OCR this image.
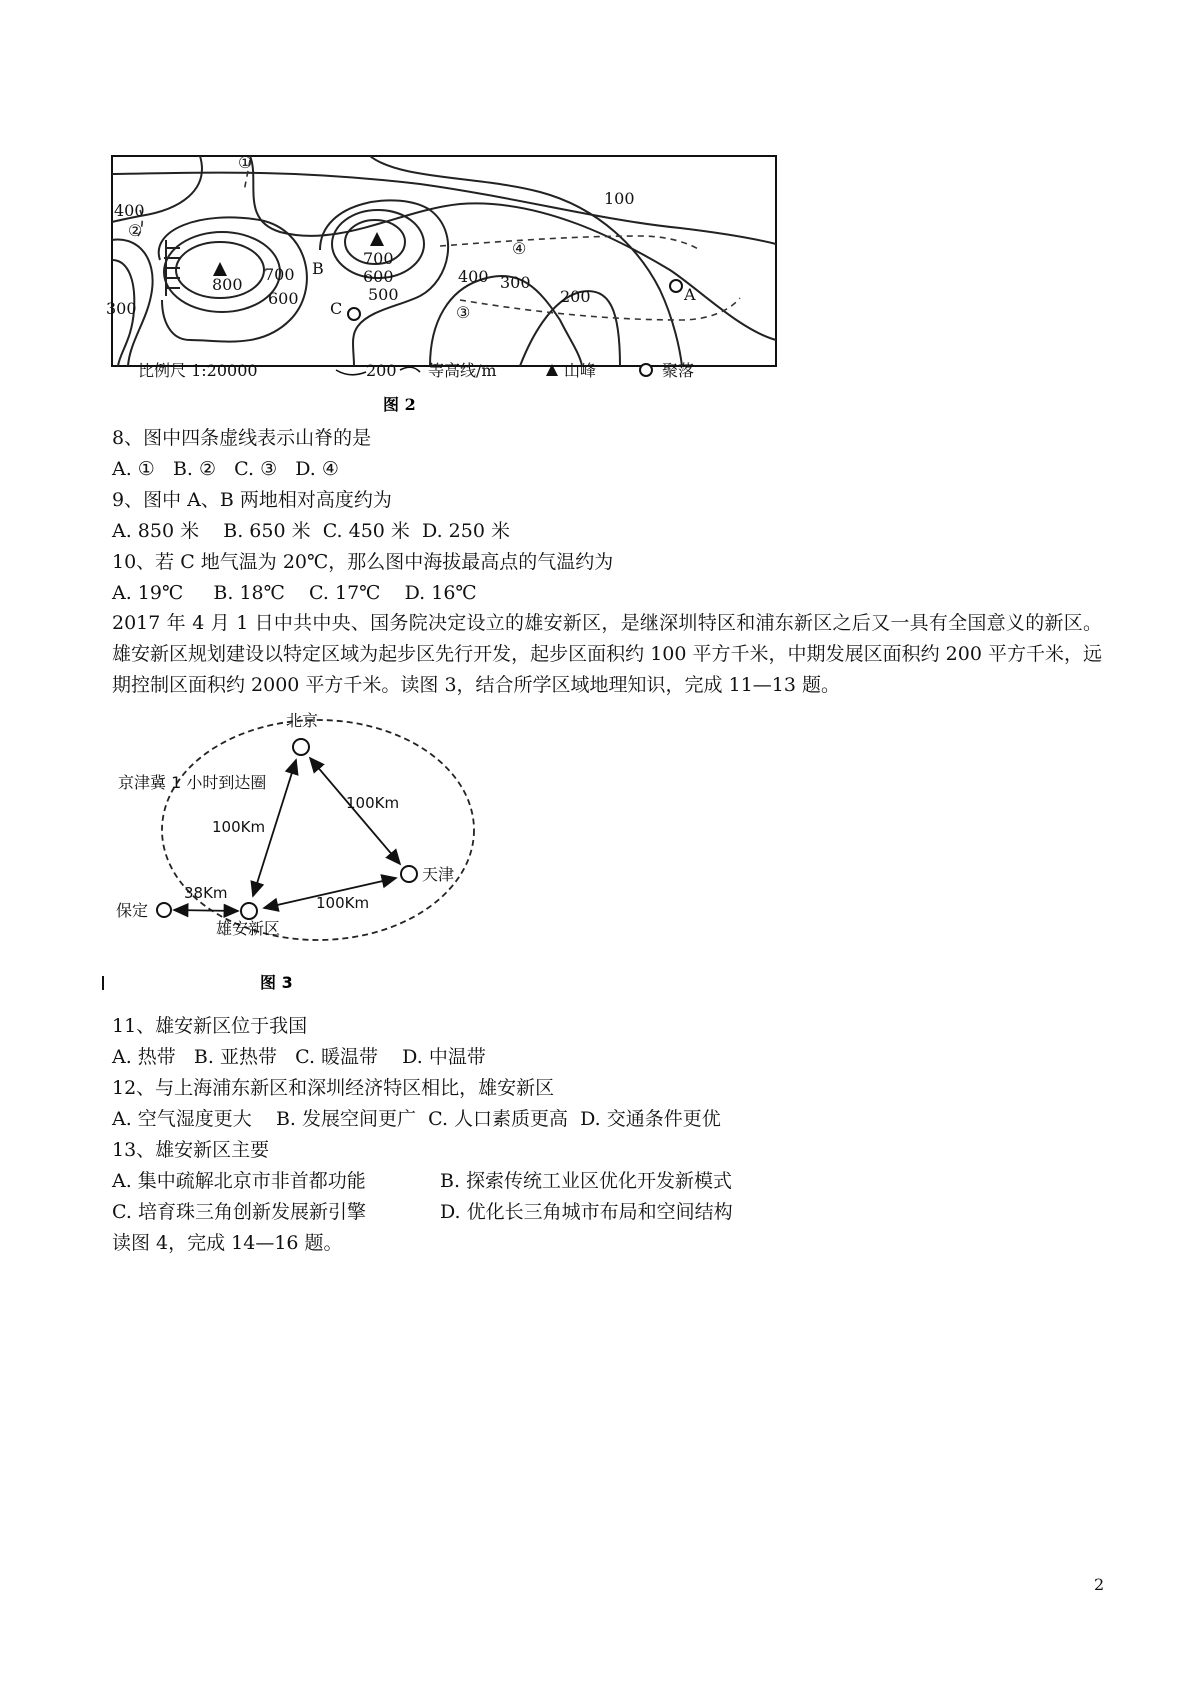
100
400
300
800
700
600
700
600
500
400 300
200
B
C
A
①
②
③
④
比例尺 1:20000	200 等高线/m	山峰	聚落
图 2
8、图中四条虚线表示山脊的是
A. ①   B. ②   C. ③   D. ④
9、图中 A、B 两地相对高度约为
A. 850 米    B. 650 米  C. 450 米  D. 250 米
10、若 C 地气温为 20℃，那么图中海拔最高点的气温约为
A. 19℃     B. 18℃    C. 17℃    D. 16℃
2017 年 4 月 1 日中共中央、国务院决定设立的雄安新区，是继深圳特区和浦东新区之后又一具有全国意义的新区。雄安新区规划建设以特定区域为起步区先行开发，起步区面积约 100 平方千米，中期发展区面积约 200 平方千米，远期控制区面积约 2000 平方千米。读图 3，结合所学区域地理知识，完成 11—13 题。
京津冀 1 小时到达圈
北京
天津
保定
雄安新区
100Km
100Km
100Km
38Km
图 3
11、雄安新区位于我国
A. 热带   B. 亚热带   C. 暖温带    D. 中温带
12、与上海浦东新区和深圳经济特区相比，雄安新区
A. 空气湿度更大    B. 发展空间更广  C. 人口素质更高  D. 交通条件更优
13、雄安新区主要
A. 集中疏解北京市非首都功能	B. 探索传统工业区优化开发新模式
C. 培育珠三角创新发展新引擎	D. 优化长三角城市布局和空间结构
读图 4，完成 14—16 题。
2
